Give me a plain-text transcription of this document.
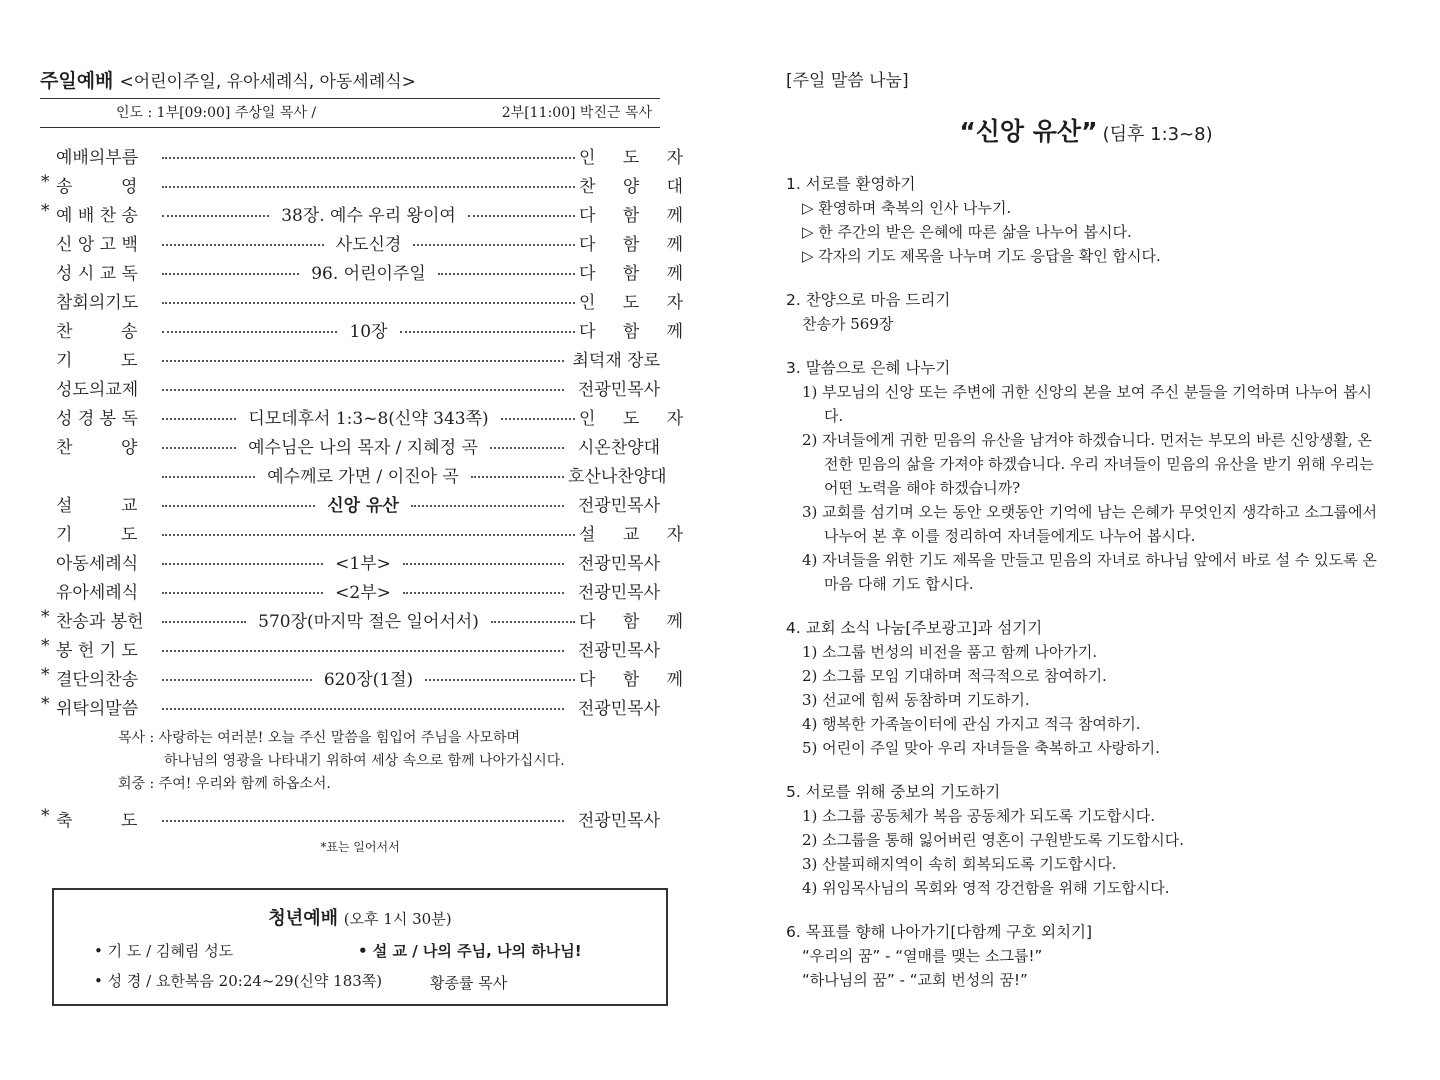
주일예배 <어린이주일, 유아세례식, 아동세례식>
인도 : 1부[09:00] 주상일 목사 /	2부[11:00] 박진근 목사
예배의부름	인 도 자
* 송         영	찬 양 대
* 예 배 찬 송	38장. 예수 우리 왕이여	다 함 께
신 앙 고 백	사도신경	다 함 께
성 시 교 독	96. 어린이주일	다 함 께
참회의기도	인 도 자
찬         송	10장	다 함 께
기         도	최덕재 장로
성도의교제	전광민목사
성 경 봉 독	디모데후서 1:3~8(신약 343쪽)	인 도 자
찬         양	예수님은 나의 목자 / 지혜정 곡	시온찬양대
예수께로 가면 / 이진아 곡	호산나찬양대
설         교	신앙 유산	전광민목사
기         도	설 교 자
아동세례식	<1부>	전광민목사
유아세례식	<2부>	전광민목사
* 찬송과 봉헌	570장(마지막 절은 일어서서)	다 함 께
* 봉 헌 기 도	전광민목사
* 결단의찬송	620장(1절)	다 함 께
* 위탁의말씀	전광민목사
목사 : 사랑하는 여러분! 오늘 주신 말씀을 힘입어 주님을 사모하며
하나님의 영광을 나타내기 위하여 세상 속으로 함께 나아가십시다.
회중 : 주여! 우리와 함께 하옵소서.
* 축         도	전광민목사
*표는 일어서서
청년예배 (오후 1시 30분)
• 기 도 / 김혜림 성도	• 설 교 / 나의 주님, 나의 하나님!
• 성 경 / 요한복음 20:24~29(신약 183쪽)	황종률 목사
[주일 말씀 나눔]
“신앙 유산” (딤후 1:3~8)
1. 서로를 환영하기
▷ 환영하며 축복의 인사 나누기.
▷ 한 주간의 받은 은혜에 따른 삶을 나누어 봅시다.
▷ 각자의 기도 제목을 나누며 기도 응답을 확인 합시다.
2. 찬양으로 마음 드리기
찬송가 569장
3. 말씀으로 은혜 나누기
1) 부모님의 신앙 또는 주변에 귀한 신앙의 본을 보여 주신 분들을 기억하며 나누어 봅시다.
2) 자녀들에게 귀한 믿음의 유산을 남겨야 하겠습니다. 먼저는 부모의 바른 신앙생활, 온전한 믿음의 삶을 가져야 하겠습니다. 우리 자녀들이 믿음의 유산을 받기 위해 우리는 어떤 노력을 해야 하겠습니까?
3) 교회를 섬기며 오는 동안 오랫동안 기억에 남는 은혜가 무엇인지 생각하고 소그룹에서 나누어 본 후 이를 정리하여 자녀들에게도 나누어 봅시다.
4) 자녀들을 위한 기도 제목을 만들고 믿음의 자녀로 하나님 앞에서 바로 설 수 있도록 온 마음 다해 기도 합시다.
4. 교회 소식 나눔[주보광고]과 섬기기
1) 소그룹 번성의 비전을 품고 함께 나아가기.
2) 소그룹 모임 기대하며 적극적으로 참여하기.
3) 선교에 힘써 동참하며 기도하기.
4) 행복한 가족놀이터에 관심 가지고 적극 참여하기.
5) 어린이 주일 맞아 우리 자녀들을 축복하고 사랑하기.
5. 서로를 위해 중보의 기도하기
1) 소그룹 공동체가 복음 공동체가 되도록 기도합시다.
2) 소그룹을 통해 잃어버린 영혼이 구원받도록 기도합시다.
3) 산불피해지역이 속히 회복되도록 기도합시다.
4) 위임목사님의 목회와 영적 강건함을 위해 기도합시다.
6. 목표를 향해 나아가기[다함께 구호 외치기]
“우리의 꿈” - “열매를 맺는 소그룹!”
“하나님의 꿈” - “교회 번성의 꿈!”
